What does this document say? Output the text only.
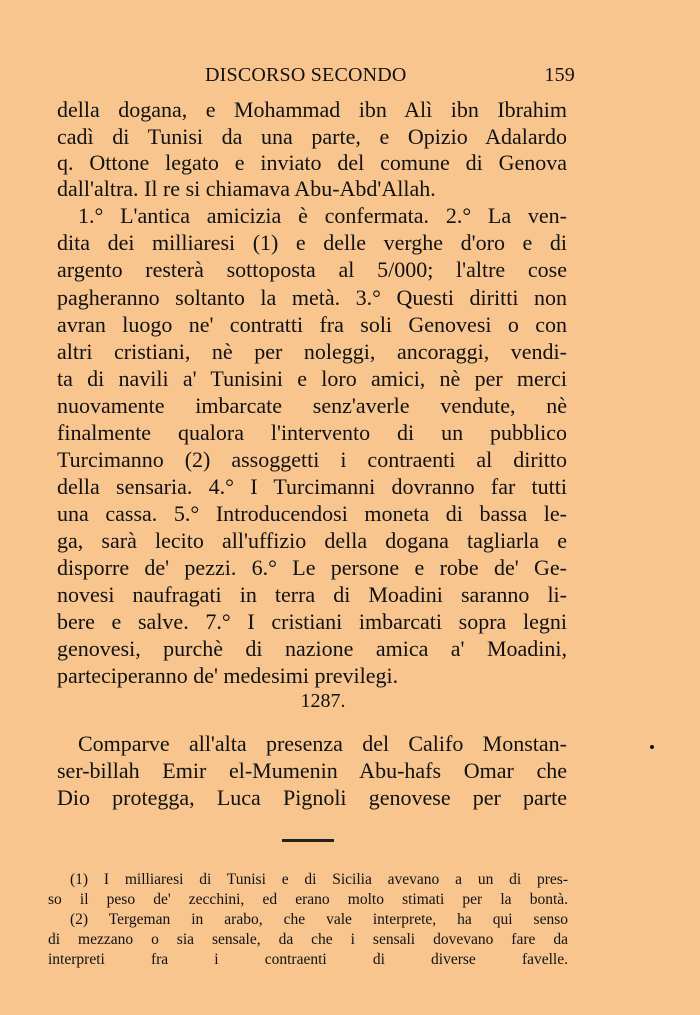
DISCORSO SECONDO	159
della dogana, e Mohammad ibn Alì ibn Ibrahim
cadì di Tunisi da una parte, e Opizio Adalardo
q. Ottone legato e inviato del comune di Genova
dall'altra. Il re si chiamava Abu-Abd'Allah.
1.° L'antica amicizia è confermata. 2.° La ven-
dita dei milliaresi (1) e delle verghe d'oro e di
argento resterà sottoposta al 5/000; l'altre cose
pagheranno soltanto la metà. 3.° Questi diritti non
avran luogo ne' contratti fra soli Genovesi o con
altri cristiani, nè per noleggi, ancoraggi, vendi-
ta di navili a' Tunisini e loro amici, nè per merci
nuovamente imbarcate senz'averle vendute, nè
finalmente qualora l'intervento di un pubblico
Turcimanno (2) assoggetti i contraenti al diritto
della sensaria. 4.° I Turcimanni dovranno far tutti
una cassa. 5.° Introducendosi moneta di bassa le-
ga, sarà lecito all'uffizio della dogana tagliarla e
disporre de' pezzi. 6.° Le persone e robe de' Ge-
novesi naufragati in terra di Moadini saranno li-
bere e salve. 7.° I cristiani imbarcati sopra legni
genovesi, purchè di nazione amica a' Moadini,
parteciperanno de' medesimi previlegi.
1287.
Comparve all'alta presenza del Califo Monstan-
ser-billah Emir el-Mumenin Abu-hafs Omar che
Dio protegga, Luca Pignoli genovese per parte
(1) I milliaresi di Tunisi e di Sicilia avevano a un di pres-
so il peso de' zecchini, ed erano molto stimati per la bontà.
(2) Tergeman in arabo, che vale interprete, ha qui senso
di mezzano o sia sensale, da che i sensali dovevano fare da
interpreti fra i contraenti di diverse favelle.
